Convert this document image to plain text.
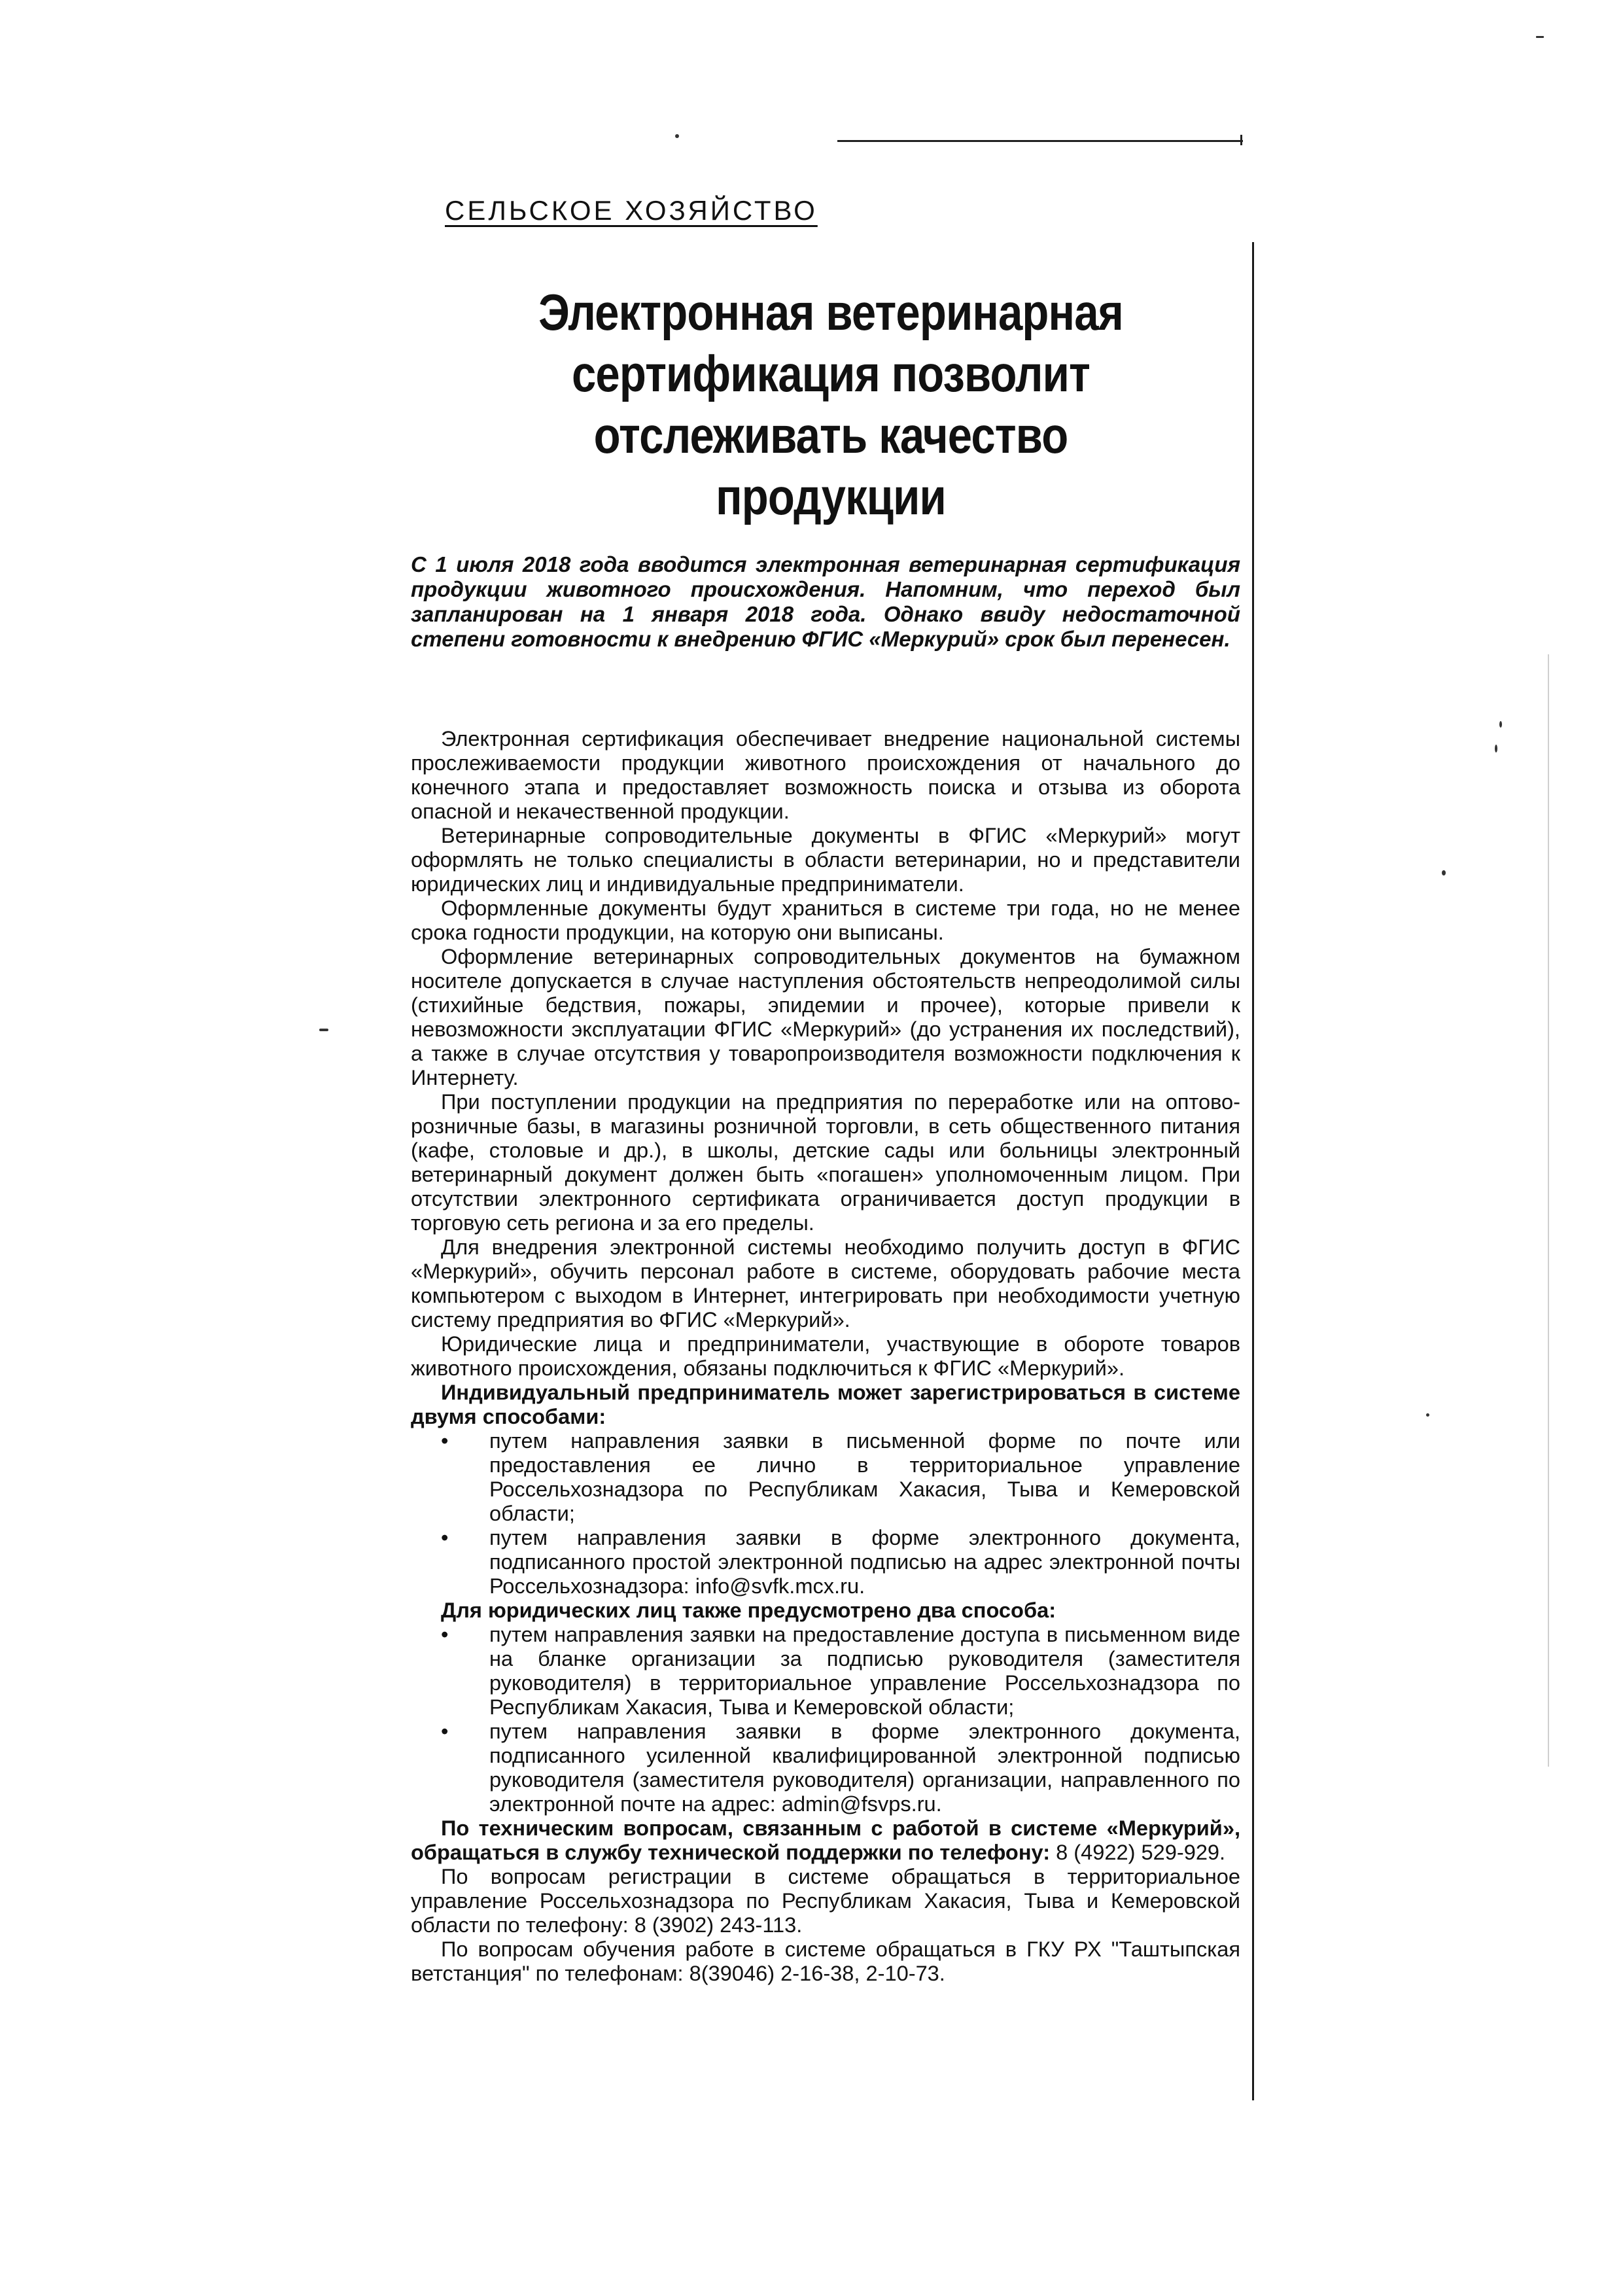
СЕЛЬСКОЕ ХОЗЯЙСТВО
Электронная ветеринарная
сертификация позволит
отслеживать качество продукции
С 1 июля 2018 года вводится электронная ветеринарная сертификация продукции животного происхождения. Напомним, что переход был запланирован на 1 января 2018 года. Однако ввиду недостаточной степени готовности к внедрению ФГИС «Меркурий» срок был перенесен.

Электронная сертификация обеспечивает внедрение национальной системы прослеживаемости продукции животного происхождения от начального до конечного этапа и предоставляет возможность поиска и отзыва из оборота опасной и некачественной продукции.

Ветеринарные сопроводительные документы в ФГИС «Меркурий» могут оформлять не только специалисты в области ветеринарии, но и представители юридических лиц и индивидуальные предприниматели.

Оформленные документы будут храниться в системе три года, но не менее срока годности продукции, на которую они выписаны.

Оформление ветеринарных сопроводительных документов на бумажном носителе допускается в случае наступления обстоятельств непреодолимой силы (стихийные бедствия, пожары, эпидемии и прочее), которые привели к невозможности эксплуатации ФГИС «Меркурий» (до устранения их последствий), а также в случае отсутствия у товаропроизводителя возможности подключения к Интернету.

При поступлении продукции на предприятия по переработке или на оптово-розничные базы, в магазины розничной торговли, в сеть общественного питания (кафе, столовые и др.), в школы, детские сады или больницы электронный ветеринарный документ должен быть «погашен» уполномоченным лицом. При отсутствии электронного сертификата ограничивается доступ продукции в торговую сеть региона и за его пределы.

Для внедрения электронной системы необходимо получить доступ в ФГИС «Меркурий», обучить персонал работе в системе, оборудовать рабочие места компьютером с выходом в Интернет, интегрировать при необходимости учетную систему предприятия во ФГИС «Меркурий».

Юридические лица и предприниматели, участвующие в обороте товаров животного происхождения, обязаны подключиться к ФГИС «Меркурий».

Индивидуальный предприниматель может зарегистрироваться в системе двумя способами:

• путем направления заявки в письменной форме по почте или предоставления ее лично в территориальное управление Россельхознадзора по Республикам Хакасия, Тыва и Кемеровской области;
• путем направления заявки в форме электронного документа, подписанного простой электронной подписью на адрес электронной почты Россельхознадзора: info@svfk.mcx.ru.

Для юридических лиц также предусмотрено два способа:

• путем направления заявки на предоставление доступа в письменном виде на бланке организации за подписью руководителя (заместителя руководителя) в территориальное управление Россельхознадзора по Республикам Хакасия, Тыва и Кемеровской области;
• путем направления заявки в форме электронного документа, подписанного усиленной квалифицированной электронной подписью руководителя (заместителя руководителя) организации, направленного по электронной почте на адрес: admin@fsvps.ru.

По техническим вопросам, связанным с работой в системе «Меркурий», обращаться в службу технической поддержки по телефону: 8 (4922) 529-929.

По вопросам регистрации в системе обращаться в территориальное управление Россельхознадзора по Республикам Хакасия, Тыва и Кемеровской области по телефону: 8 (3902) 243-113.

По вопросам обучения работе в системе обращаться в ГКУ РХ "Таштыпская ветстанция" по телефонам: 8(39046) 2-16-38, 2-10-73.
